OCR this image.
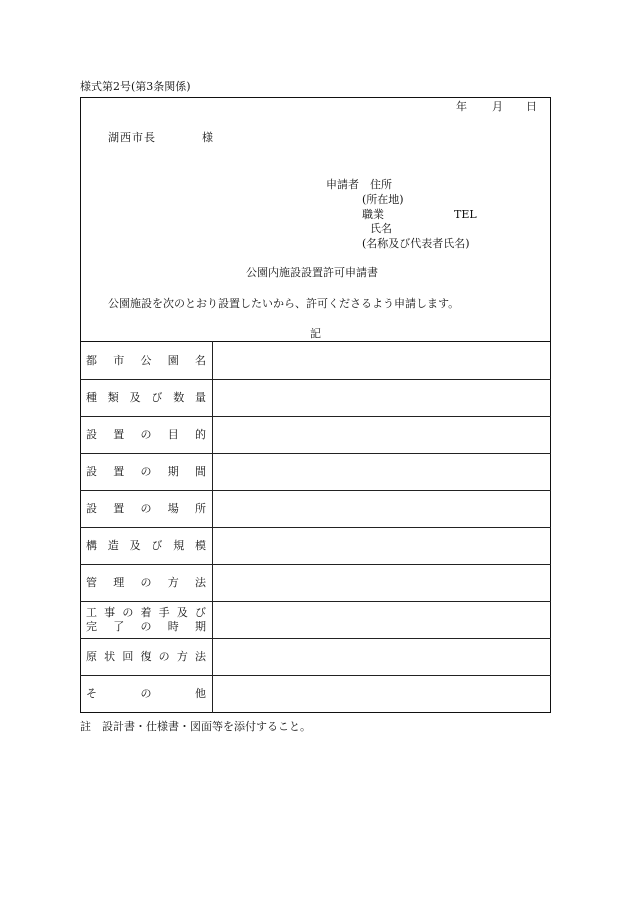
様式第2号(第3条関係)
年 月 日
湖西市長	様
申請者 住所
(所在地)
職業	TEL
氏名
(名称及び代表者氏名)
公園内施設設置許可申請書
公園施設を次のとおり設置したいから、許可くださるよう申請します。
記
都市公園名
種類及び数量
設置の目的
設置の期間
設置の場所
構造及び規模
管理の方法
工事の着手及び
完了の時期
原状回復の方法
その他
註　設計書・仕様書・図面等を添付すること。
